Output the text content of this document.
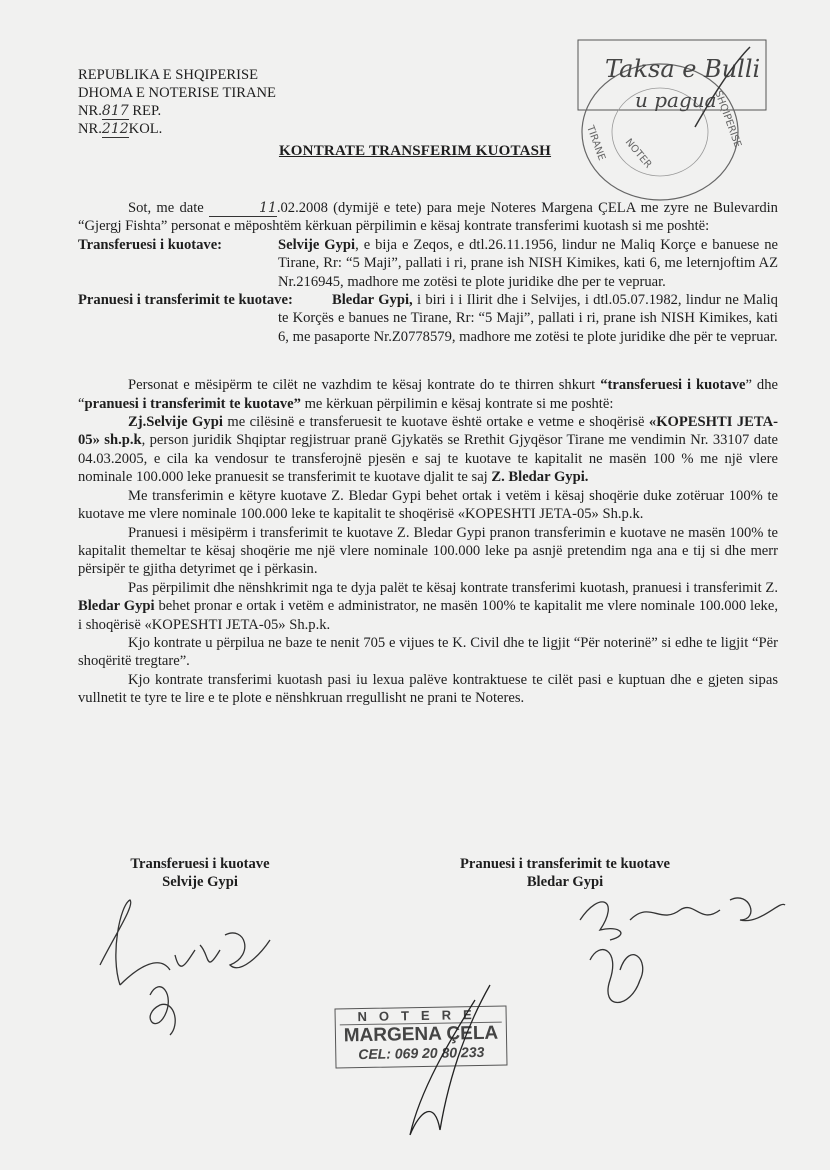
REPUBLIKA E SHQIPERISE
DHOMA E NOTERISE TIRANE
NR.817 REP.
NR.212KOL.
KONTRATE TRANSFERIM KUOTASH	NOTER
TIRANE	SHQIPERISE
Taksa e Bulli
u pagua

Sot, me date	11.02.2008 (dymijë e tete) para meje Noteres Margena ÇELA me zyre ne Bulevardin “Gjergj Fishta” personat e mëposhtëm kërkuan përpilimin e kësaj kontrate transferimi kuotash si me poshtë:

Transferuesi i kuotave:	Selvije Gypi, e bija e Zeqos, e dtl.26.11.1956, lindur ne Maliq Korçe e banuese ne Tirane, Rr: “5 Maji”, pallati i ri, prane ish NISH Kimikes, kati 6, me leternjoftim AZ Nr.216945, madhore me zotësi te plote juridike dhe per te vepruar.
Pranuesi i transferimit te kuotave:	Bledar Gypi, i biri i i Ilirit dhe i Selvijes, i dtl.05.07.1982, lindur ne Maliq te Korçës e banues ne Tirane, Rr: “5 Maji”, pallati i ri, prane ish NISH Kimikes, kati 6, me pasaporte Nr.Z0778579, madhore me zotësi te plote juridike dhe për te vepruar.

Personat e mësipërm te cilët ne vazhdim te kësaj kontrate do te thirren shkurt “transferuesi i kuotave” dhe “pranuesi i transferimit te kuotave” me kërkuan përpilimin e kësaj kontrate si me poshtë:

Zj.Selvije Gypi me cilësinë e transferuesit te kuotave është ortake e vetme e shoqërisë «KOPESHTI JETA-05» sh.p.k, person juridik Shqiptar regjistruar pranë Gjykatës se Rrethit Gjyqësor Tirane me vendimin Nr. 33107 date 04.03.2005, e cila ka vendosur te transferojnë pjesën e saj te kuotave te kapitalit ne masën 100 % me një vlere nominale 100.000 leke pranuesit se transferimit te kuotave djalit te saj Z. Bledar Gypi.

Me transferimin e këtyre kuotave Z. Bledar Gypi behet ortak i vetëm i kësaj shoqërie duke zotëruar 100% te kuotave me vlere nominale 100.000 leke te kapitalit te shoqërisë «KOPESHTI JETA-05» Sh.p.k.

Pranuesi i mësipërm i transferimit te kuotave Z. Bledar Gypi pranon transferimin e kuotave ne masën 100% te kapitalit themeltar te kësaj shoqërie me një vlere nominale 100.000 leke pa asnjë pretendim nga ana e tij si dhe merr përsipër te gjitha detyrimet qe i përkasin.

Pas përpilimit dhe nënshkrimit nga te dyja palët te kësaj kontrate transferimi kuotash, pranuesi i transferimit Z. Bledar Gypi behet pronar e ortak i vetëm e administrator, ne masën 100% te kapitalit me vlere nominale 100.000 leke, i shoqërisë «KOPESHTI JETA-05» Sh.p.k.

Kjo kontrate u përpilua ne baze te nenit 705 e vijues te K. Civil dhe te ligjit “Për noterinë” si edhe te ligjit “Për shoqëritë tregtare”.

Kjo kontrate transferimi kuotash pasi iu lexua palëve kontraktuese te cilët pasi e kuptuan dhe e gjeten sipas vullnetit te tyre te lire e te plote e nënshkruan rregullisht ne prani te Noteres.

Transferuesi i kuotave
Selvije Gypi
Pranuesi i transferimit te kuotave
Bledar Gypi
NOTERE
MARGENA ÇELA
CEL: 069 20 80 233
